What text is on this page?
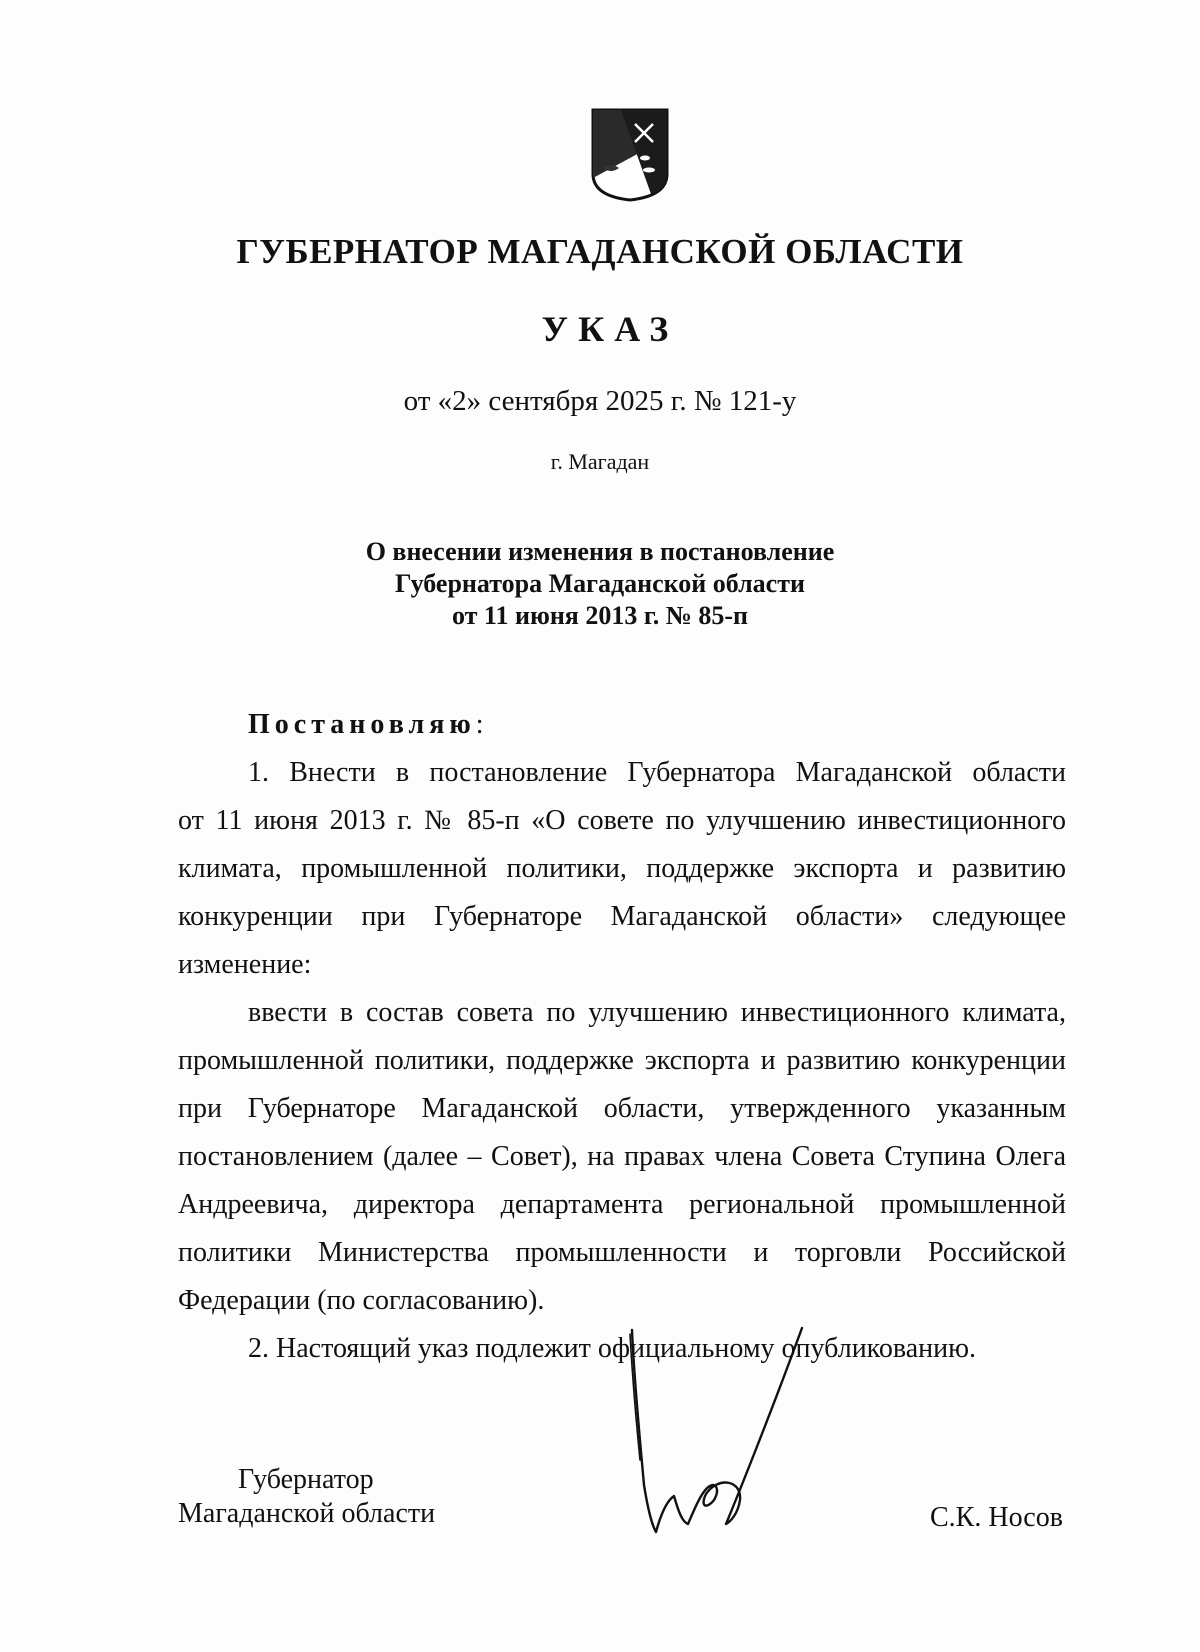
ГУБЕРНАТОР МАГАДАНСКОЙ ОБЛАСТИ
УКАЗ
от «2» сентября 2025 г. № 121-у
г. Магадан
О внесении изменения в постановление
Губернатора Магаданской области
от 11 июня 2013 г. № 85-п
Постановляю:
1. Внести в постановление Губернатора Магаданской области
от 11 июня 2013 г. № 85-п «О совете по улучшению инвестиционного
климата, промышленной политики, поддержке экспорта и развитию
конкуренции при Губернаторе Магаданской области» следующее
изменение:
ввести в состав совета по улучшению инвестиционного климата,
промышленной политики, поддержке экспорта и развитию конкуренции
при Губернаторе Магаданской области, утвержденного указанным
постановлением (далее – Совет), на правах члена Совета Ступина Олега
Андреевича, директора департамента региональной промышленной
политики Министерства промышленности и торговли Российской
Федерации (по согласованию).
2. Настоящий указ подлежит официальному опубликованию.
Губернатор
Магаданской области	С.К. Носов
